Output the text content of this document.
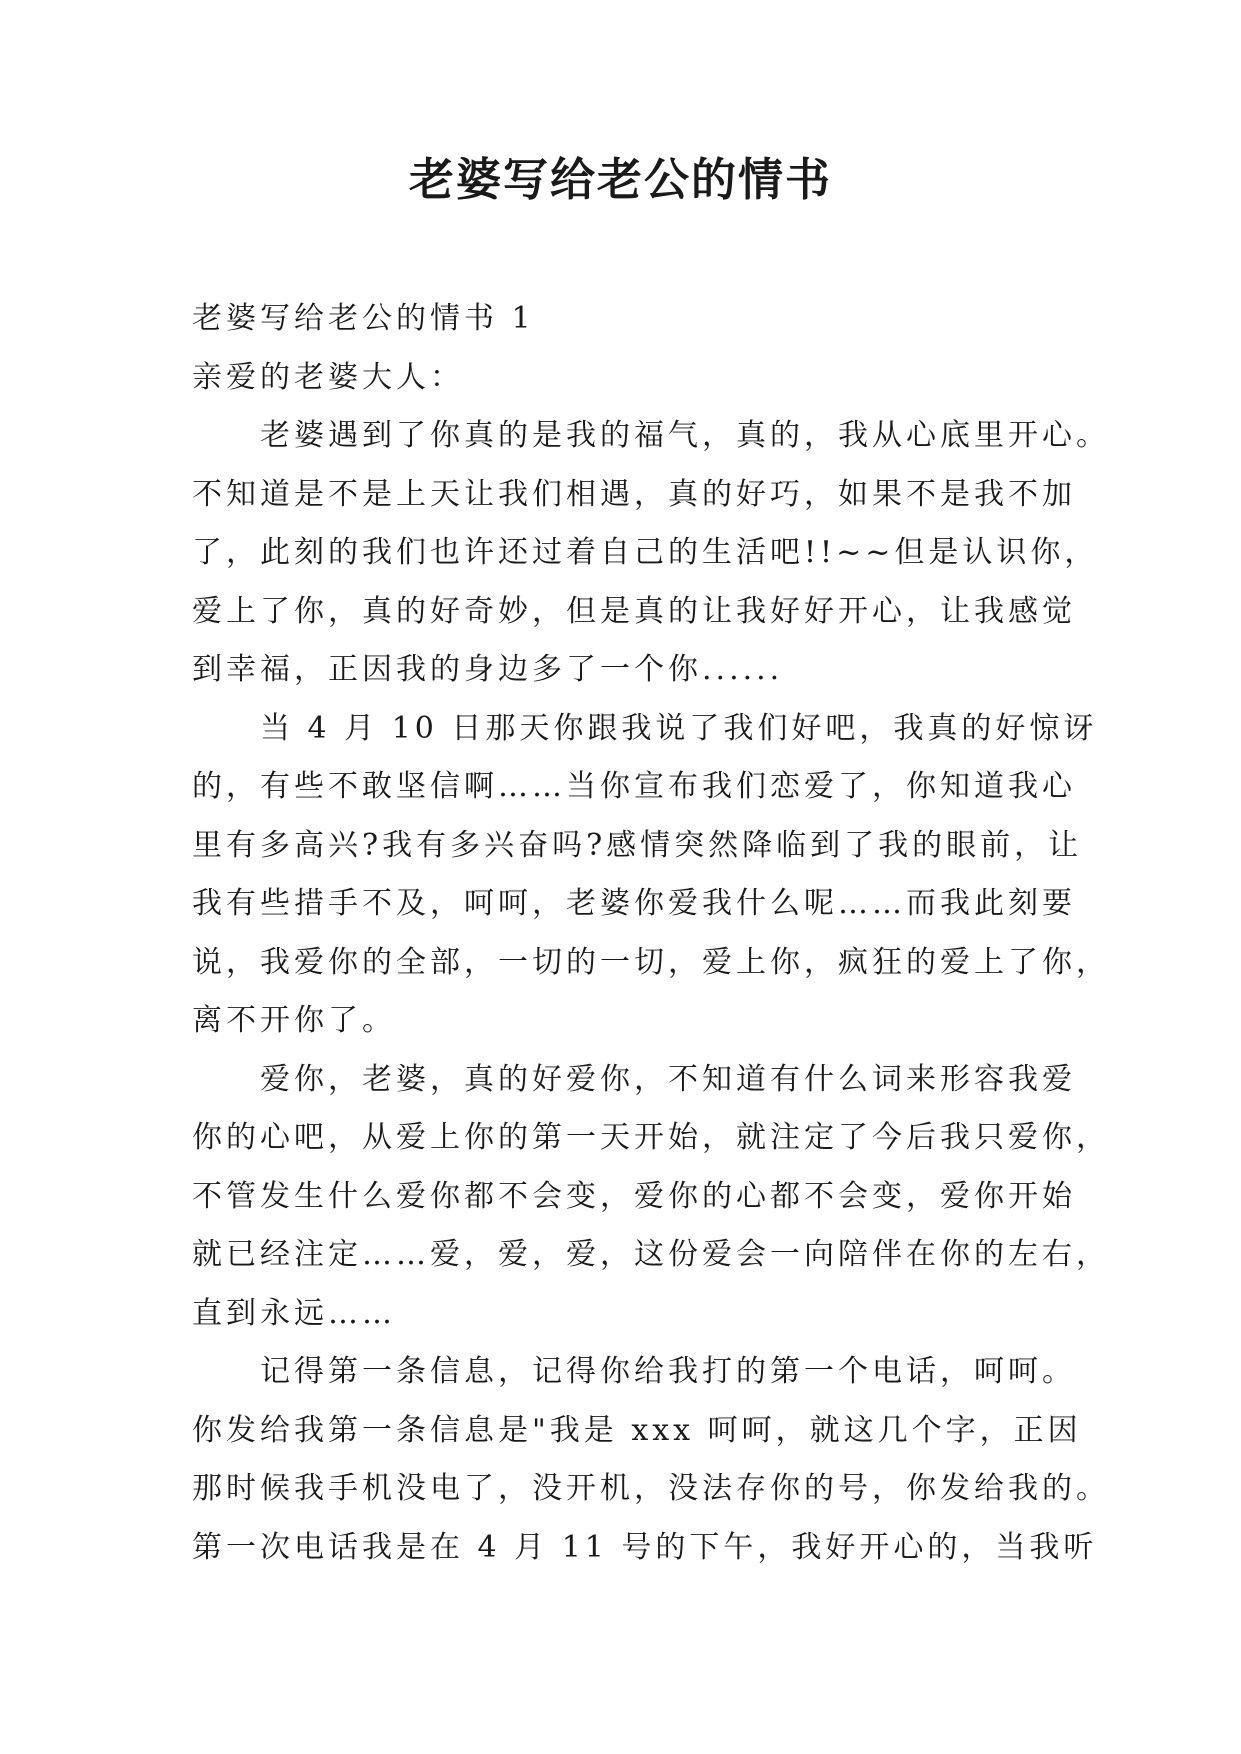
老婆写给老公的情书
老婆写给老公的情书 1
亲爱的老婆大人：
老婆遇到了你真的是我的福气，真的，我从心底里开心。
不知道是不是上天让我们相遇，真的好巧，如果不是我不加
了，此刻的我们也许还过着自己的生活吧!!~~但是认识你，
爱上了你，真的好奇妙，但是真的让我好好开心，让我感觉
到幸福，正因我的身边多了一个你......
当 4 月 10 日那天你跟我说了我们好吧，我真的好惊讶
的，有些不敢坚信啊……当你宣布我们恋爱了，你知道我心
里有多高兴?我有多兴奋吗?感情突然降临到了我的眼前，让
我有些措手不及，呵呵，老婆你爱我什么呢……而我此刻要
说，我爱你的全部，一切的一切，爱上你，疯狂的爱上了你，
离不开你了。
爱你，老婆，真的好爱你，不知道有什么词来形容我爱
你的心吧，从爱上你的第一天开始，就注定了今后我只爱你，
不管发生什么爱你都不会变，爱你的心都不会变，爱你开始
就已经注定……爱，爱，爱，这份爱会一向陪伴在你的左右，
直到永远……
记得第一条信息，记得你给我打的第一个电话，呵呵。
你发给我第一条信息是"我是 xxx 呵呵，就这几个字，正因
那时候我手机没电了，没开机，没法存你的号，你发给我的。
第一次电话我是在 4 月 11 号的下午，我好开心的，当我听
